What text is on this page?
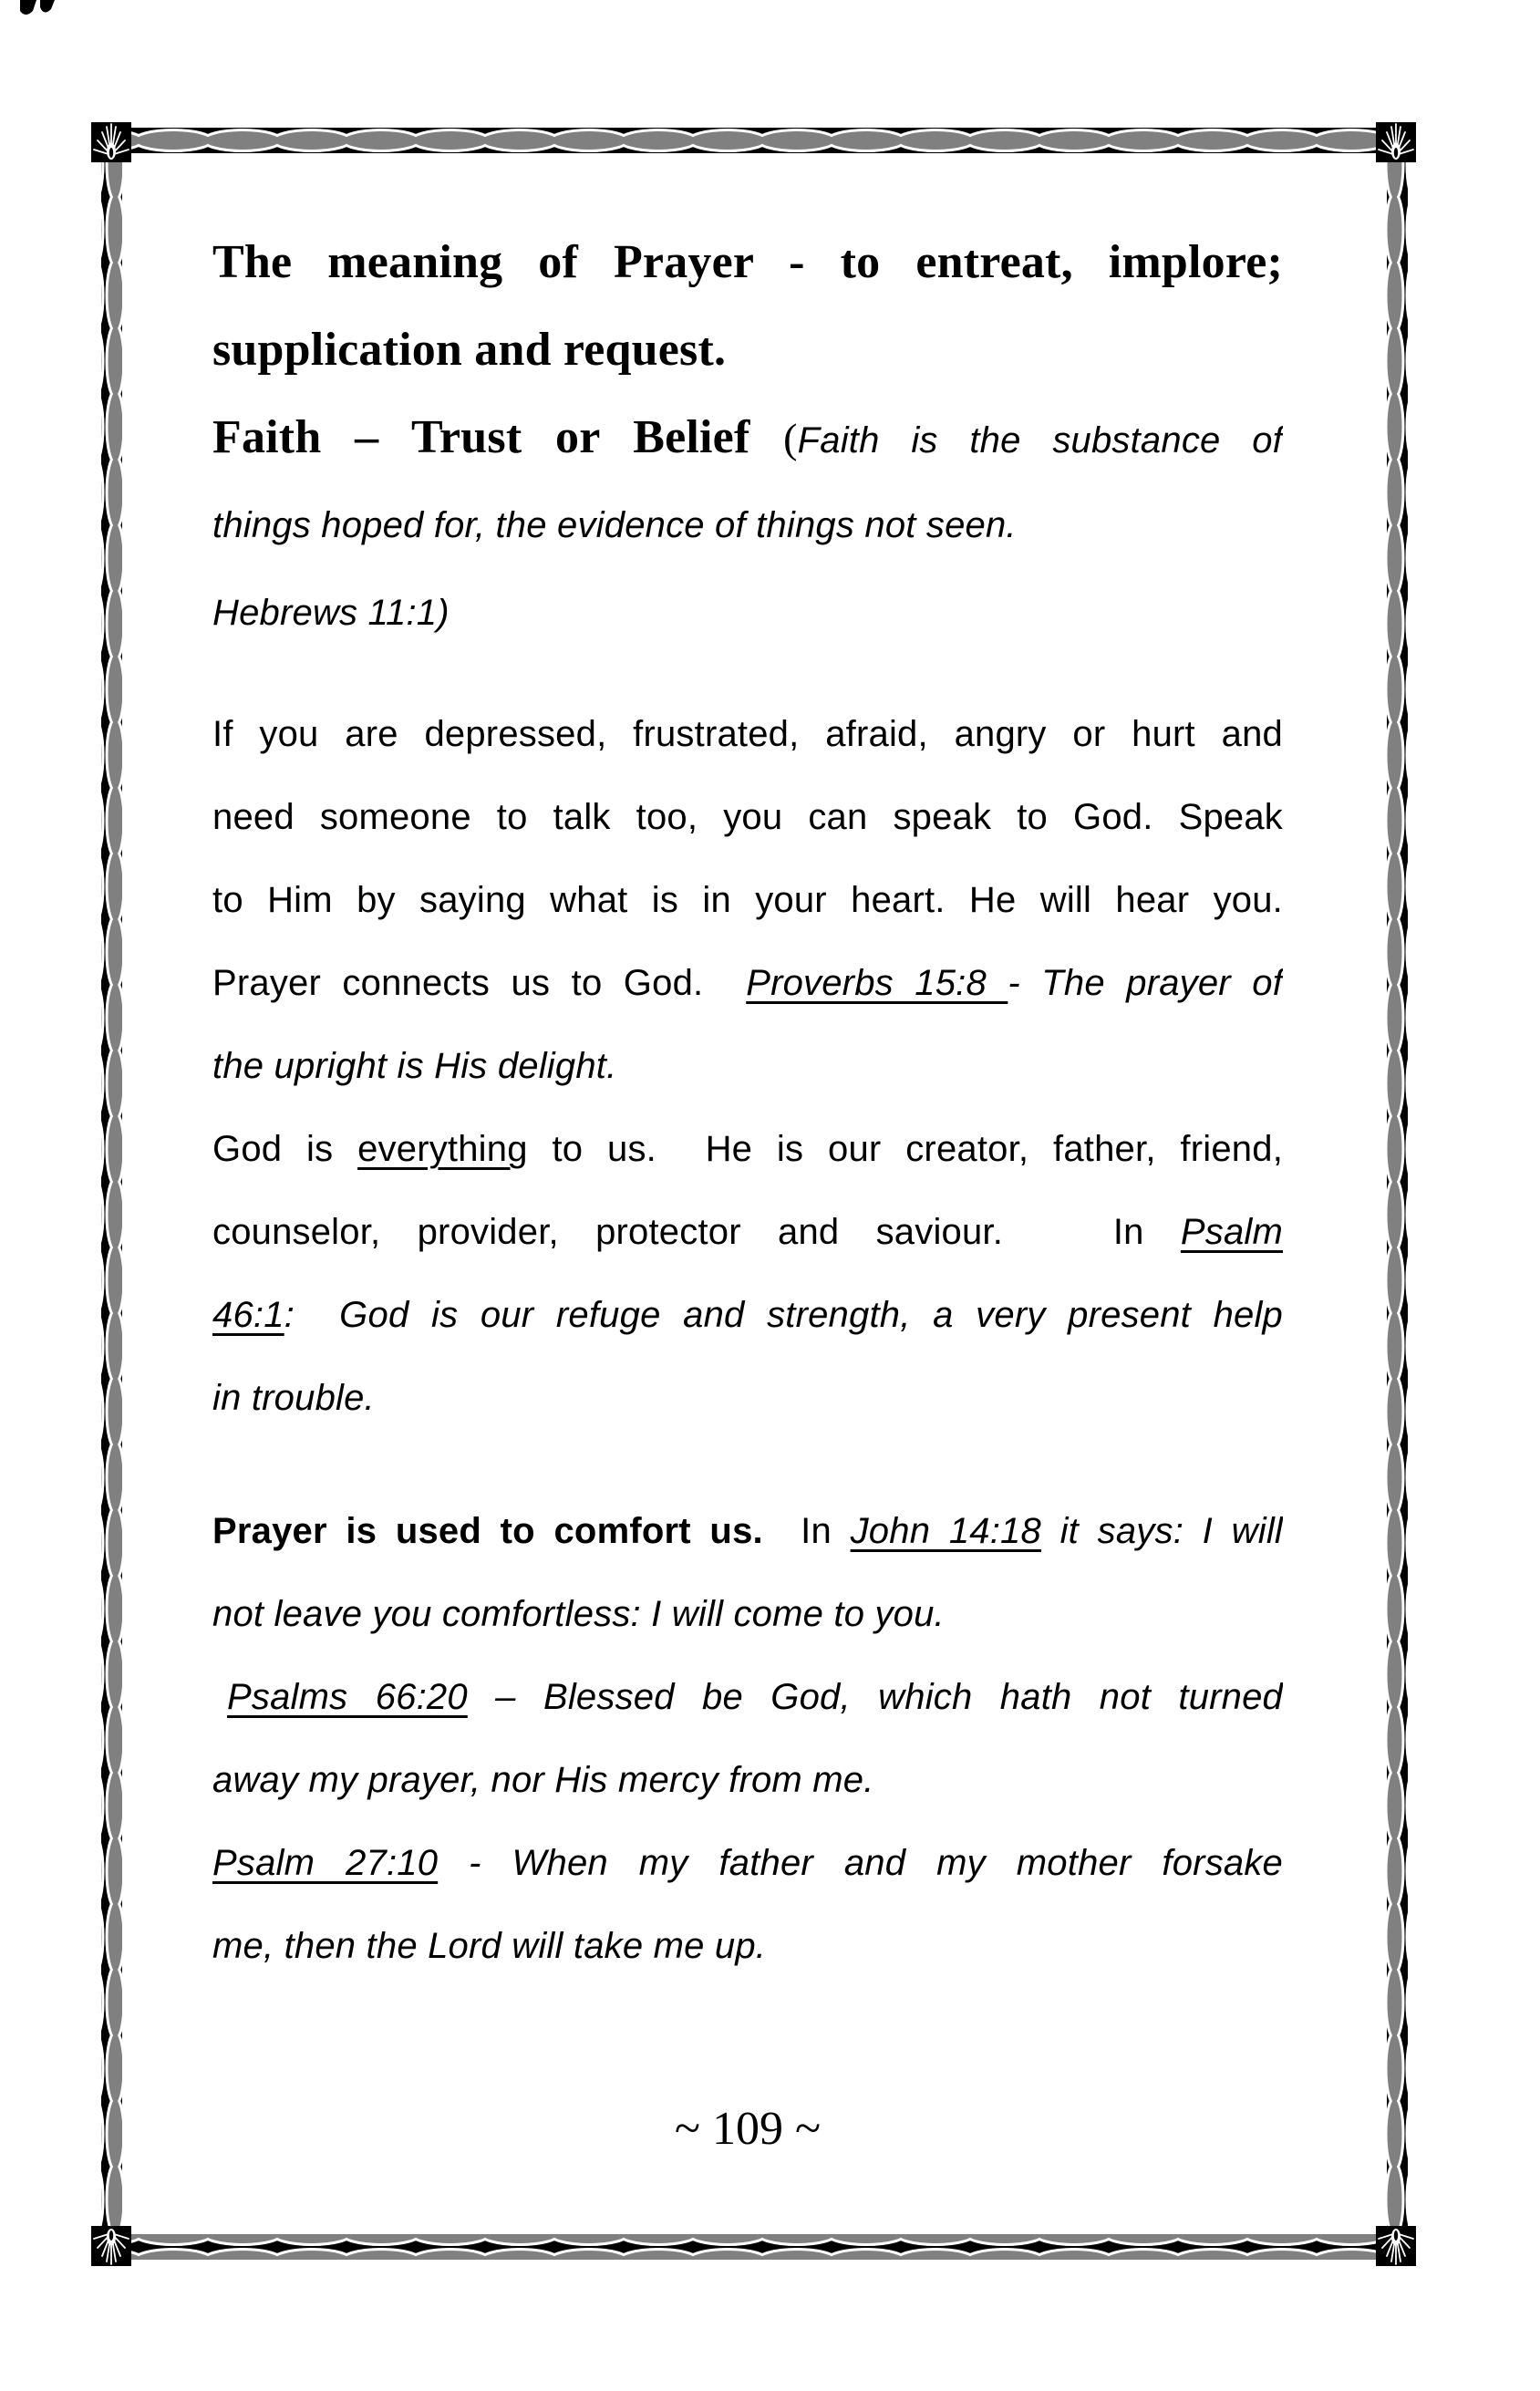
The meaning of Prayer - to entreat, implore;
supplication and request.
Faith – Trust or Belief (Faith is the substance of
things hoped for, the evidence of things not seen.
Hebrews 11:1)
If you are depressed, frustrated, afraid, angry or hurt and
need someone to talk too, you can speak to God. Speak
to Him by saying what is in your heart. He will hear you.
Prayer connects us to God.  Proverbs 15:8 - The prayer of
the upright is His delight.
God is everything to us.  He is our creator, father, friend,
counselor, provider, protector and saviour.   In Psalm
46:1:  God is our refuge and strength, a very present help
in trouble.
Prayer is used to comfort us.  In John 14:18 it says: I will
not leave you comfortless: I will come to you.
Psalms 66:20 – Blessed be God, which hath not turned
away my prayer, nor His mercy from me.
Psalm 27:10 - When my father and my mother forsake
me, then the Lord will take me up.
~ 109 ~
